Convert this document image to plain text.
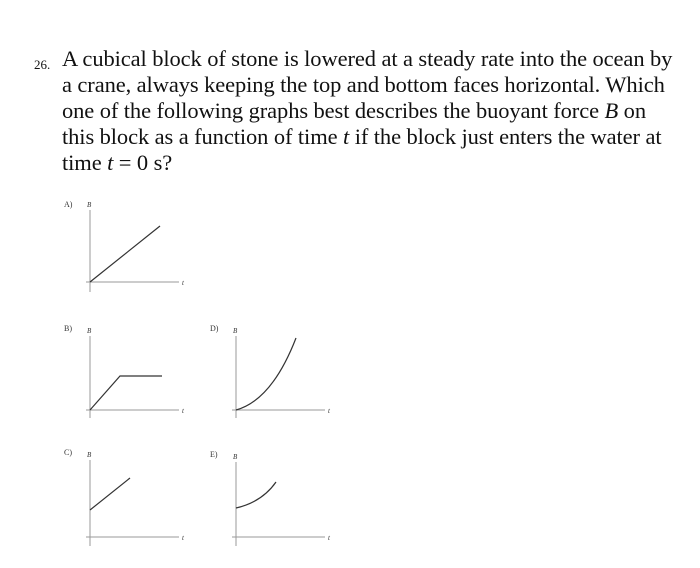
26. A cubical block of stone is lowered at a steady rate into the ocean by a crane, always keeping the top and bottom faces horizontal. Which one of the following graphs best describes the buoyant force B on this block as a function of time t if the block just enters the water at time t = 0 s?
A) B
t
B) B
t
C) B
t
D) B
t
E) B
t
